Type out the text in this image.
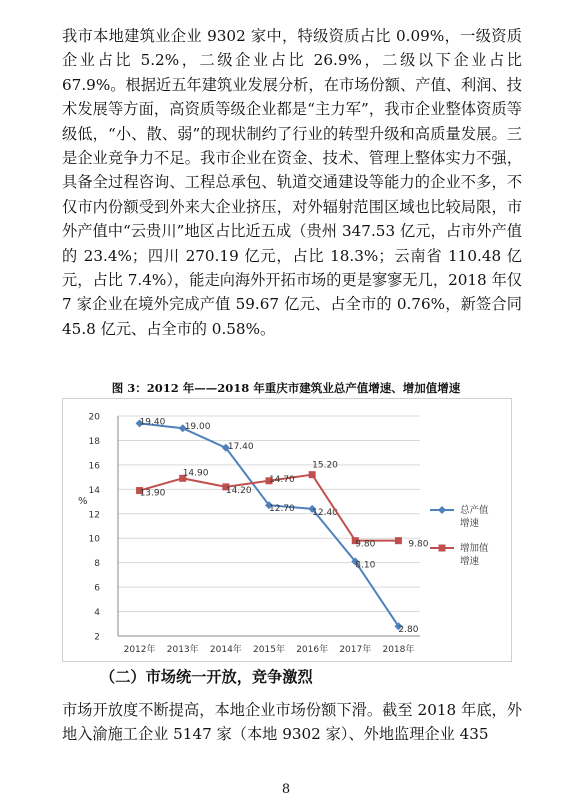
我市本地建筑业企业 9302 家中，特级资质占比 0.09%，一级资质企业占比 5.2%，二级企业占比 26.9%，二级以下企业占比 67.9%。根据近五年建筑业发展分析，在市场份额、产值、利润、技术发展等方面，高资质等级企业都是“主力军”，我市企业整体资质等级低，“小、散、弱”的现状制约了行业的转型升级和高质量发展。三是企业竞争力不足。我市企业在资金、技术、管理上整体实力不强，具备全过程咨询、工程总承包、轨道交通建设等能力的企业不多，不仅市内份额受到外来大企业挤压，对外辐射范围区域也比较局限，市外产值中“云贵川”地区占比近五成（贵州 347.53 亿元，占市外产值的 23.4%；四川 270.19 亿元，占比 18.3%；云南省 110.48 亿元，占比 7.4%），能走向海外开拓市场的更是寥寥无几，2018 年仅 7 家企业在境外完成产值 59.67 亿元、占全市的 0.76%，新签合同 45.8 亿元、占全市的 0.58%。

图 3：2012 年——2018 年重庆市建筑业总产值增速、增加值增速
2
4
6
8
10
12
14
16
18
20
%
2012年 2013年 2014年 2015年 2016年 2017年 2018年
19.40 19.00
17.40
12.70 12.40
8.10
2.80
13.90
14.90
14.20
14.70
15.20
9.80	9.80
总产值
增速
增加值
增速
（二）市场统一开放，竞争激烈

市场开放度不断提高，本地企业市场份额下滑。截至 2018 年底，外地入渝施工企业 5147 家（本地 9302 家）、外地监理企业 435

8
